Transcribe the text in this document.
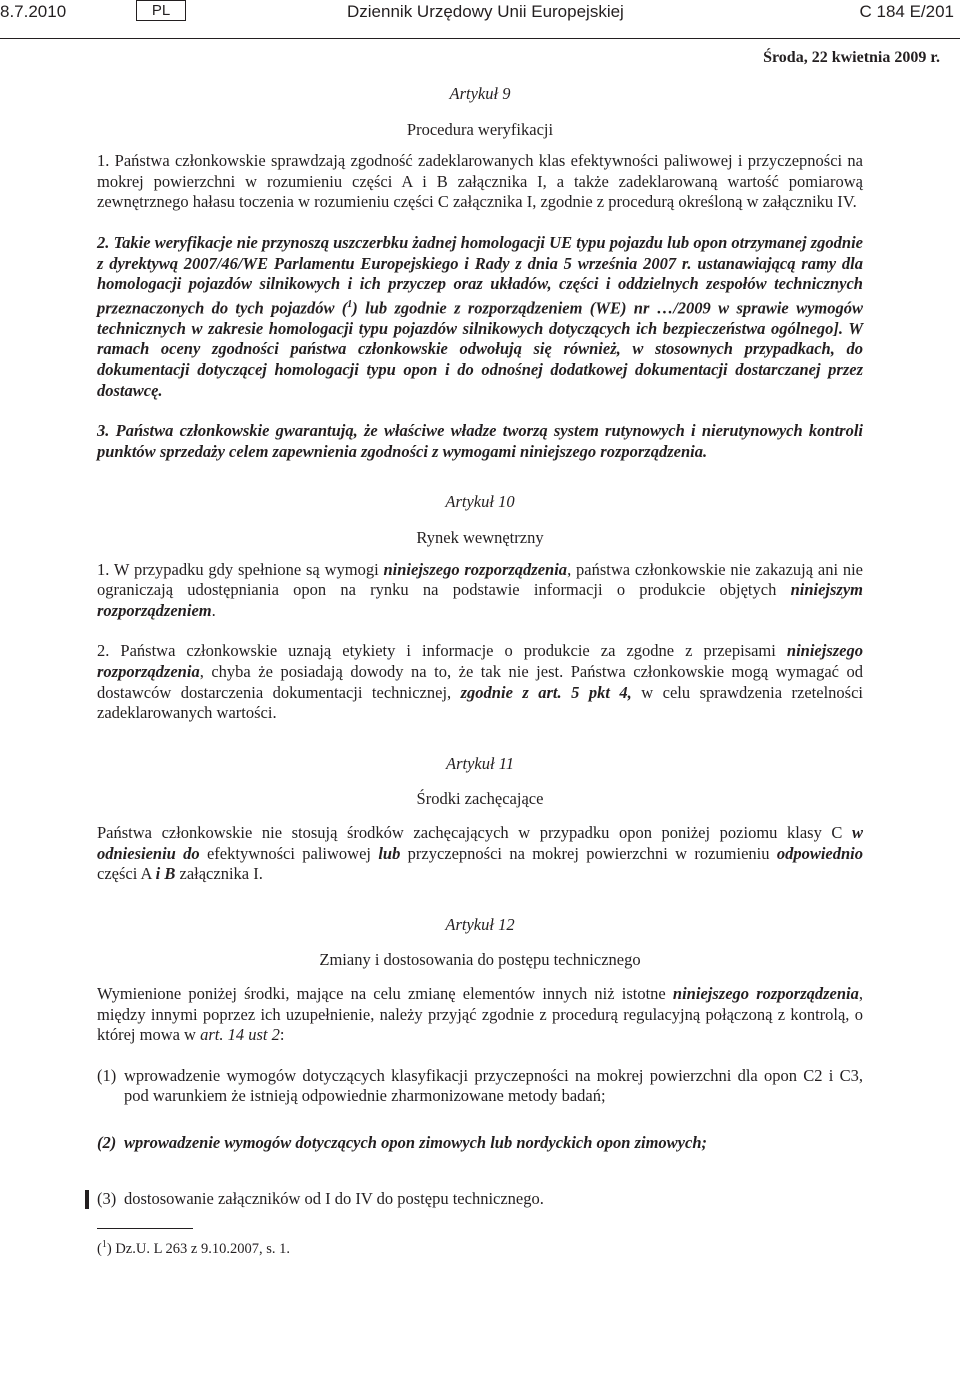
8.7.2010	PL	Dziennik Urzędowy Unii Europejskiej	C 184 E/201
Środa, 22 kwietnia 2009 r.
Artykuł 9
Procedura weryfikacji

1. Państwa członkowskie sprawdzają zgodność zadeklarowanych klas efektywności paliwowej i przyczepności na mokrej powierzchni w rozumieniu części A i B załącznika I, a także zadeklarowaną wartość pomiarową zewnętrznego hałasu toczenia w rozumieniu części C załącznika I, zgodnie z procedurą określoną w załączniku IV.

2. Takie weryfikacje nie przynoszą uszczerbku żadnej homologacji UE typu pojazdu lub opon otrzymanej zgodnie z dyrektywą 2007/46/WE Parlamentu Europejskiego i Rady z dnia 5 września 2007 r. ustanawiającą ramy dla homologacji pojazdów silnikowych i ich przyczep oraz układów, części i oddzielnych zespołów technicznych przeznaczonych do tych pojazdów ($^1$) lub zgodnie z rozporządzeniem (WE) nr …/2009 w sprawie wymogów technicznych w zakresie homologacji typu pojazdów silnikowych dotyczących ich bezpieczeństwa ogólnego]. W ramach oceny zgodności państwa członkowskie odwołują się również, w stosownych przypadkach, do dokumentacji dotyczącej homologacji typu opon i do odnośnej dodatkowej dokumentacji dostarczanej przez dostawcę.

3. Państwa członkowskie gwarantują, że właściwe władze tworzą system rutynowych i nierutynowych kontroli punktów sprzedaży celem zapewnienia zgodności z wymogami niniejszego rozporządzenia.

Artykuł 10
Rynek wewnętrzny

1. W przypadku gdy spełnione są wymogi niniejszego rozporządzenia, państwa członkowskie nie zakazują ani nie ograniczają udostępniania opon na rynku na podstawie informacji o produkcie objętych niniejszym rozporządzeniem.

2. Państwa członkowskie uznają etykiety i informacje o produkcie za zgodne z przepisami niniejszego rozporządzenia, chyba że posiadają dowody na to, że tak nie jest. Państwa członkowskie mogą wymagać od dostawców dostarczenia dokumentacji technicznej, zgodnie z art. 5 pkt 4, w celu sprawdzenia rzetelności zadeklarowanych wartości.

Artykuł 11
Środki zachęcające

Państwa członkowskie nie stosują środków zachęcających w przypadku opon poniżej poziomu klasy C w odniesieniu do efektywności paliwowej lub przyczepności na mokrej powierzchni w rozumieniu odpowiednio części A i B załącznika I.

Artykuł 12
Zmiany i dostosowania do postępu technicznego

Wymienione poniżej środki, mające na celu zmianę elementów innych niż istotne niniejszego rozporządzenia, między innymi poprzez ich uzupełnienie, należy przyjąć zgodnie z procedurą regulacyjną połączoną z kontrolą, o której mowa w art. 14 ust 2:

(1) wprowadzenie wymogów dotyczących klasyfikacji przyczepności na mokrej powierzchni dla opon C2 i C3, pod warunkiem że istnieją odpowiednie zharmonizowane metody badań;
(2) wprowadzenie wymogów dotyczących opon zimowych lub nordyckich opon zimowych;
(3) dostosowanie załączników od I do IV do postępu technicznego.
($^1$) Dz.U. L 263 z 9.10.2007, s. 1.
